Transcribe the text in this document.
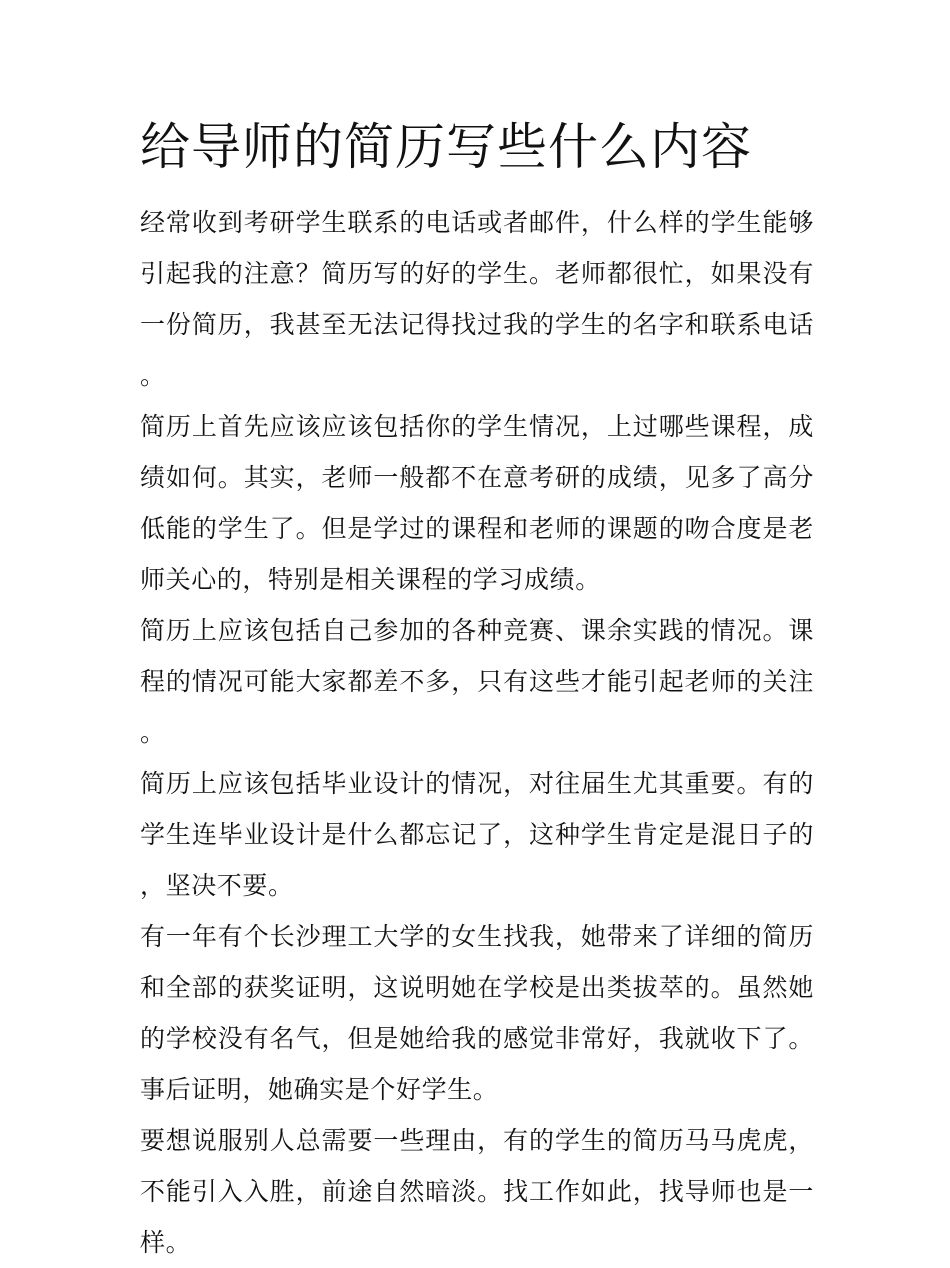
给导师的简历写些什么内容

经常收到考研学生联系的电话或者邮件，什么样的学生能够引起我的注意？简历写的好的学生。老师都很忙，如果没有一份简历，我甚至无法记得找过我的学生的名字和联系电话。

简历上首先应该应该包括你的学生情况，上过哪些课程，成绩如何。其实，老师一般都不在意考研的成绩，见多了高分低能的学生了。但是学过的课程和老师的课题的吻合度是老师关心的，特别是相关课程的学习成绩。

简历上应该包括自己参加的各种竞赛、课余实践的情况。课程的情况可能大家都差不多，只有这些才能引起老师的关注。

简历上应该包括毕业设计的情况，对往届生尤其重要。有的学生连毕业设计是什么都忘记了，这种学生肯定是混日子的，坚决不要。

有一年有个长沙理工大学的女生找我，她带来了详细的简历和全部的获奖证明，这说明她在学校是出类拔萃的。虽然她的学校没有名气，但是她给我的感觉非常好，我就收下了。事后证明，她确实是个好学生。

要想说服别人总需要一些理由，有的学生的简历马马虎虎，不能引入入胜，前途自然暗淡。找工作如此，找导师也是一样。
